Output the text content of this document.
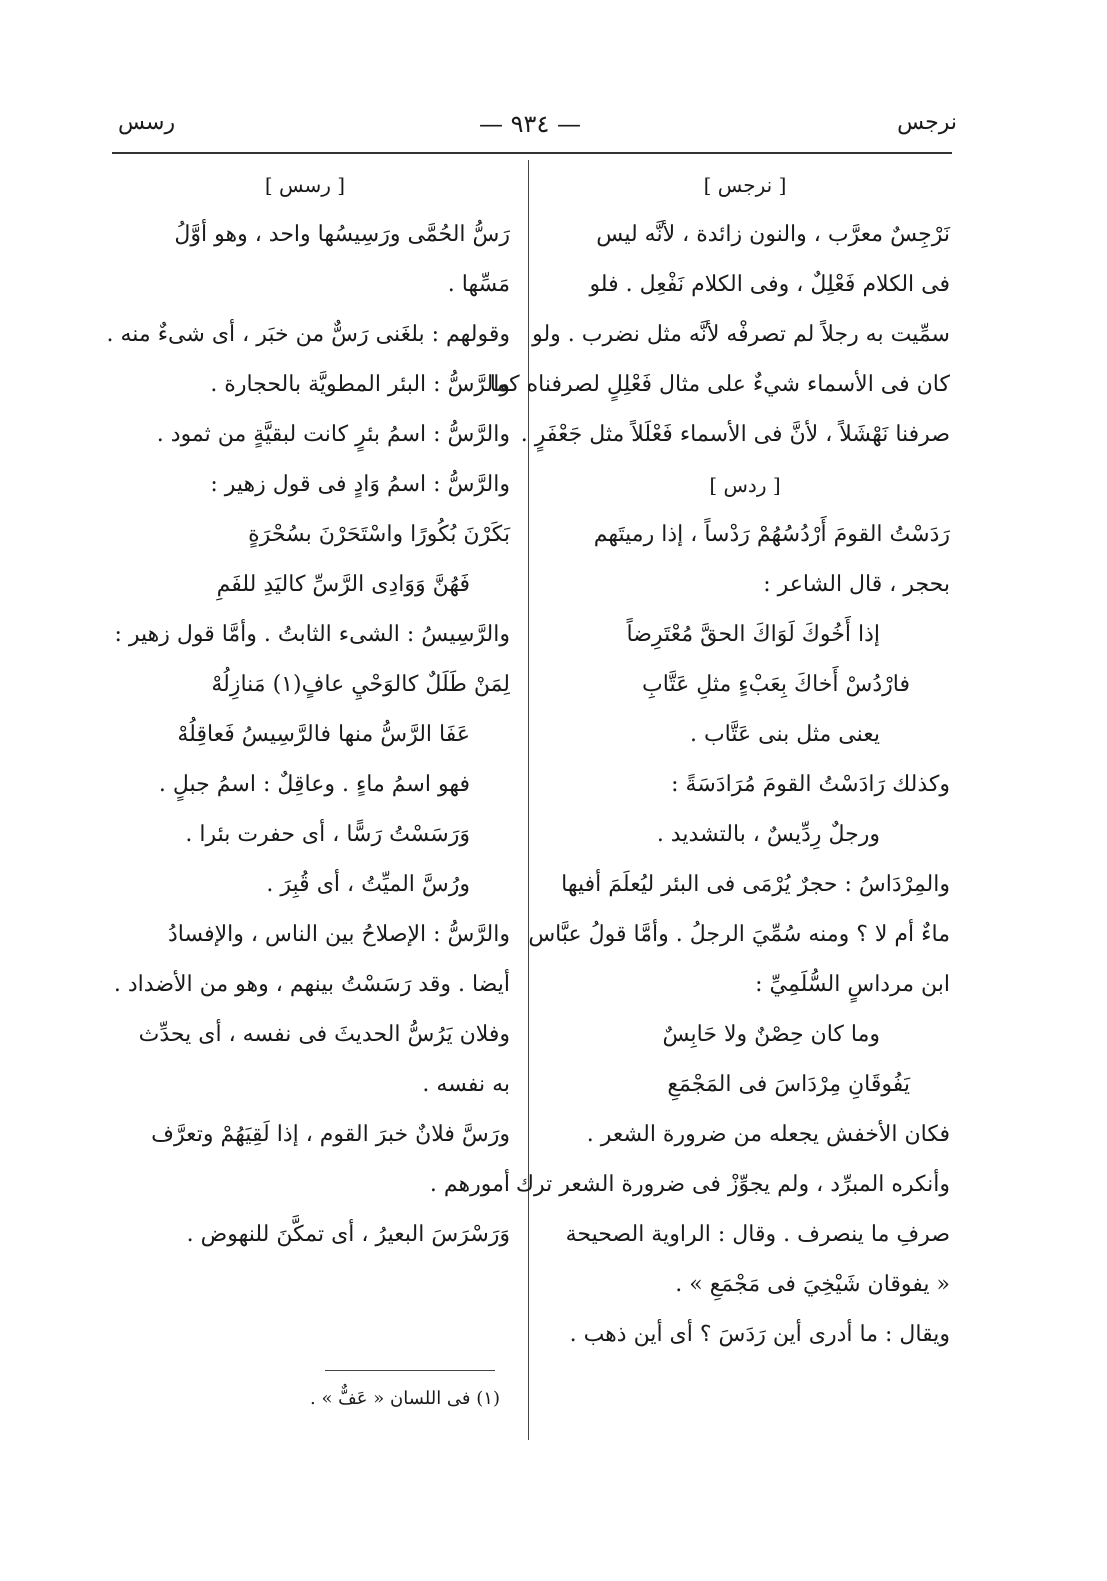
نرجس
— ٩٣٤ —
رسس
[ نرجس ]
نَرْجِسٌ معرَّب ، والنون زائدة ، لأنَّه ليس
فى الكلام فَعْلِلٌ ، وفى الكلام نَفْعِل . فلو
سمِّيت به رجلاً لم تصرفْه لأنَّه مثل نضرب . ولو
كان فى الأسماء شيءٌ على مثال فَعْلِلٍ لصرفناه كما
صرفنا نَهْشَلاً ، لأنَّ فى الأسماء فَعْلَلاً مثل جَعْفَرٍ .
[ ردس ]
رَدَسْتُ القومَ أَرْدُسُهُمْ رَدْساً ، إذا رميتَهم
بحجر ، قال الشاعر :
إذا أَخُوكَ لَوَاكَ الحقَّ مُعْتَرِضاً
فارْدُسْ أَخاكَ بِعَبْءٍ مثلِ عَتَّابِ
يعنى مثل بنى عَتَّاب .
وكذلك رَادَسْتُ القومَ مُرَادَسَةً :
ورجلٌ رِدِّيسٌ ، بالتشديد .
والمِرْدَاسُ : حجرٌ يُرْمَى فى البئر ليُعلَمَ أفيها
ماءٌ أم لا ؟ ومنه سُمِّيَ الرجلُ . وأمَّا قولُ عبَّاس
ابن مرداسٍ السُّلَمِيِّ :
وما كان حِصْنٌ ولا حَابِسٌ
يَفُوقَانِ مِرْدَاسَ فى المَجْمَعِ
فكان الأخفش يجعله من ضرورة الشعر .
وأنكره المبرِّد ، ولم يجوِّزْ فى ضرورة الشعر ترك
صرفِ ما ينصرف . وقال : الراوية الصحيحة
« يفوقان شَيْخِيَ فى مَجْمَعِ » .
ويقال : ما أدرى أين رَدَسَ ؟ أى أين ذهب .
[ رسس ]
رَسُّ الحُمَّى ورَسِيسُها واحد ، وهو أوَّلُ
مَسِّها .
وقولهم : بلغَنى رَسٌّ من خبَر ، أى شىءٌ منه .
والرَّسُّ : البئر المطويَّة بالحجارة .
والرَّسُّ : اسمُ بئرٍ كانت لبقيَّةٍ من ثمود .
والرَّسُّ : اسمُ وَادٍ فى قول زهير :
بَكَرْنَ بُكُورًا واسْتَحَرْنَ بسُحْرَةٍ
فَهُنَّ وَوَادِى الرَّسِّ كاليَدِ للفَمِ
والرَّسِيسُ : الشىء الثابتُ . وأمَّا قول زهير :
لِمَنْ طَلَلٌ كالوَحْيِ عافٍ(١) مَنازِلُهْ
عَفَا الرَّسُّ منها فالرَّسِيسُ فَعاقِلُهْ
فهو اسمُ ماءٍ . وعاقِلٌ : اسمُ جبلٍ .
وَرَسَسْتُ رَسًّا ، أى حفرت بئرا .
ورُسَّ الميِّتُ ، أى قُبِرَ .
والرَّسُّ : الإصلاحُ بين الناس ، والإفسادُ
أيضا . وقد رَسَسْتُ بينهم ، وهو من الأضداد .
وفلان يَرُسُّ الحديثَ فى نفسه ، أى يحدِّث
به نفسه .
ورَسَّ فلانٌ خبرَ القوم ، إذا لَقِيَهُمْ وتعرَّف
أمورهم .
وَرَسْرَسَ البعيرُ ، أى تمكَّنَ للنهوض .
(١) فى اللسان « عَفٌّ » .
